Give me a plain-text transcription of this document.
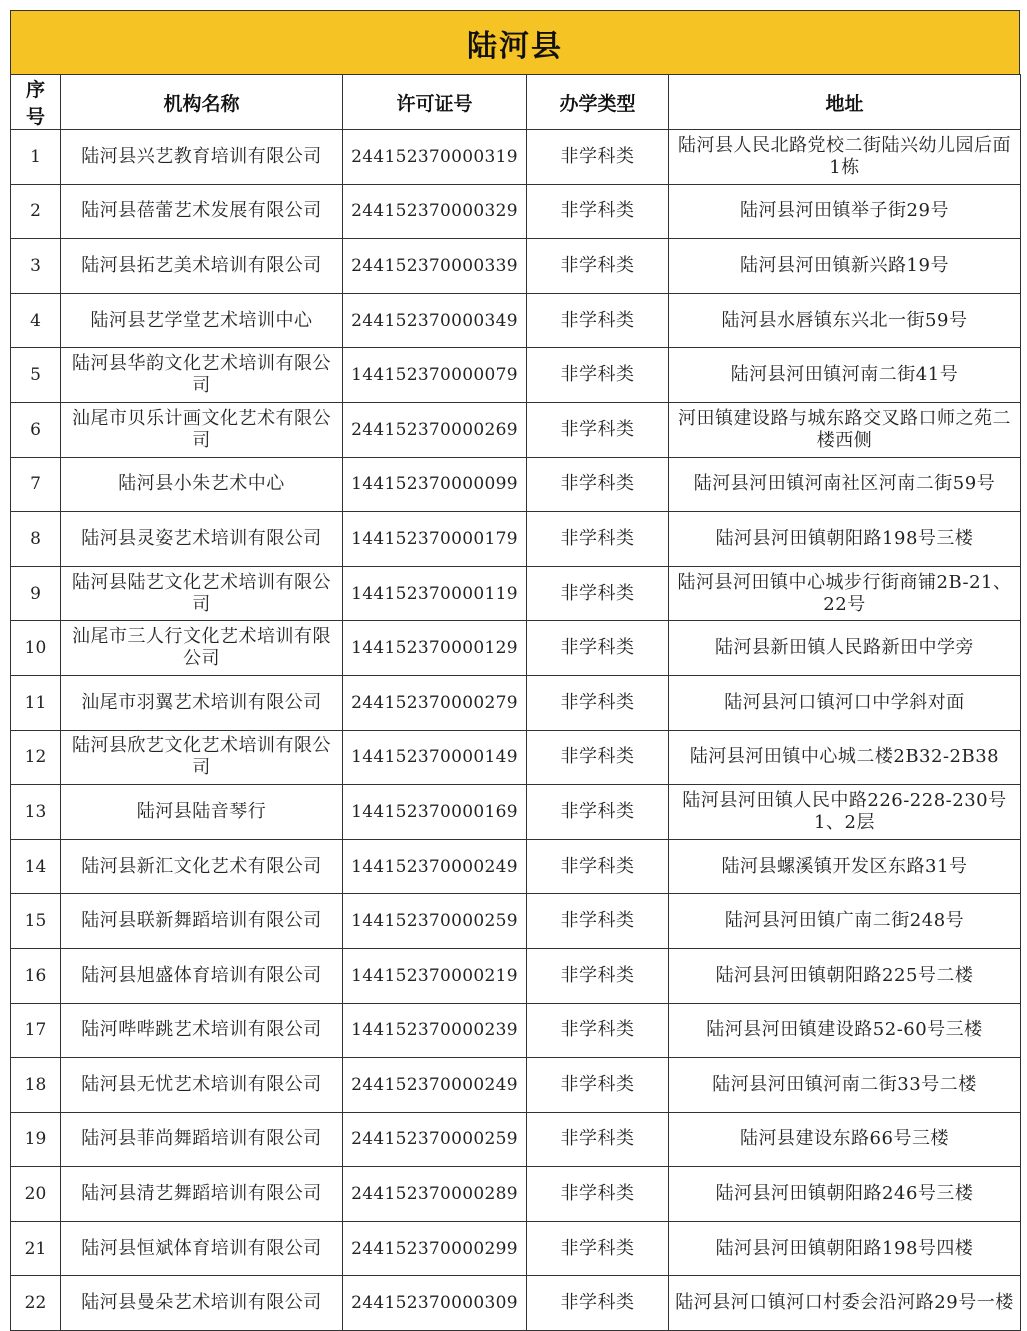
陆河县
序号	机构名称	许可证号	办学类型	地址
1	陆河县兴艺教育培训有限公司	244152370000319	非学科类	陆河县人民北路党校二街陆兴幼儿园后面1栋
2	陆河县蓓蕾艺术发展有限公司	244152370000329	非学科类	陆河县河田镇举子街29号
3	陆河县拓艺美术培训有限公司	244152370000339	非学科类	陆河县河田镇新兴路19号
4	陆河县艺学堂艺术培训中心	244152370000349	非学科类	陆河县水唇镇东兴北一街59号
5	陆河县华韵文化艺术培训有限公司	144152370000079	非学科类	陆河县河田镇河南二街41号
6	汕尾市贝乐计画文化艺术有限公司	244152370000269	非学科类	河田镇建设路与城东路交叉路口师之苑二楼西侧
7	陆河县小朱艺术中心	144152370000099	非学科类	陆河县河田镇河南社区河南二街59号
8	陆河县灵姿艺术培训有限公司	144152370000179	非学科类	陆河县河田镇朝阳路198号三楼
9	陆河县陆艺文化艺术培训有限公司	144152370000119	非学科类	陆河县河田镇中心城步行街商铺2B-21、22号
10	汕尾市三人行文化艺术培训有限公司	144152370000129	非学科类	陆河县新田镇人民路新田中学旁
11	汕尾市羽翼艺术培训有限公司	244152370000279	非学科类	陆河县河口镇河口中学斜对面
12	陆河县欣艺文化艺术培训有限公司	144152370000149	非学科类	陆河县河田镇中心城二楼2B32-2B38
13	陆河县陆音琴行	144152370000169	非学科类	陆河县河田镇人民中路226-228-230号1、2层
14	陆河县新汇文化艺术有限公司	144152370000249	非学科类	陆河县螺溪镇开发区东路31号
15	陆河县联新舞蹈培训有限公司	144152370000259	非学科类	陆河县河田镇广南二街248号
16	陆河县旭盛体育培训有限公司	144152370000219	非学科类	陆河县河田镇朝阳路225号二楼
17	陆河哔哔跳艺术培训有限公司	144152370000239	非学科类	陆河县河田镇建设路52-60号三楼
18	陆河县无忧艺术培训有限公司	244152370000249	非学科类	陆河县河田镇河南二街33号二楼
19	陆河县菲尚舞蹈培训有限公司	244152370000259	非学科类	陆河县建设东路66号三楼
20	陆河县清艺舞蹈培训有限公司	244152370000289	非学科类	陆河县河田镇朝阳路246号三楼
21	陆河县恒斌体育培训有限公司	244152370000299	非学科类	陆河县河田镇朝阳路198号四楼
22	陆河县曼朵艺术培训有限公司	244152370000309	非学科类	陆河县河口镇河口村委会沿河路29号一楼
